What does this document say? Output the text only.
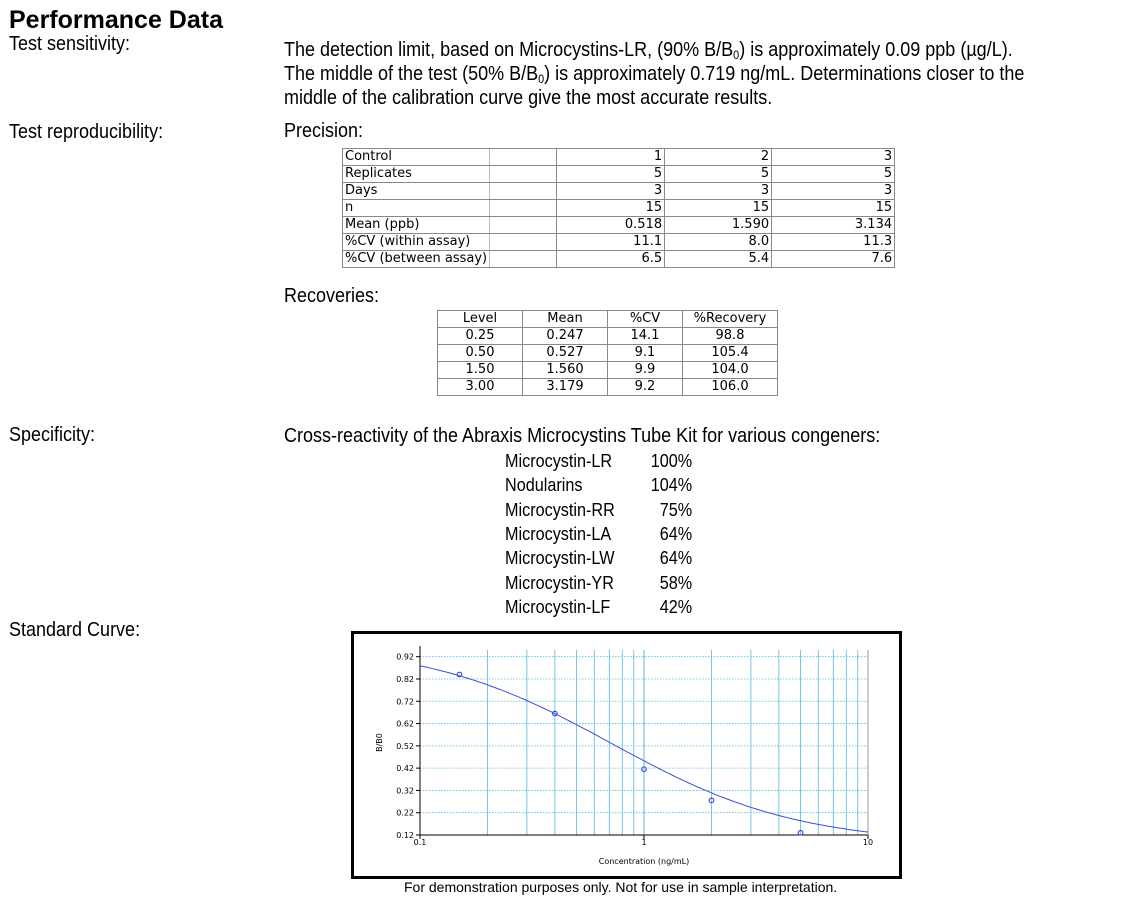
Performance Data
Test sensitivity:	The detection limit, based on Microcystins-LR, (90% $B/B_0$) is approximately 0.09 ppb (µg/L).
The middle of the test (50% $B/B_0$) is approximately 0.719 ng/mL. Determinations closer to the
middle of the calibration curve give the most accurate results.
Test reproducibility:	Precision:
Control		1	2	3
Replicates		5	5	5
Days		3	3	3
n		15	15	15
Mean (ppb)		0.518	1.590	3.134
%CV (within assay)		11.1	8.0	11.3
%CV (between assay)		6.5	5.4	7.6
Recoveries:
Level	Mean	%CV	%Recovery
0.25	0.247	14.1	98.8
0.50	0.527	9.1	105.4
1.50	1.560	9.9	104.0
3.00	3.179	9.2	106.0
Specificity:	Cross-reactivity of the Abraxis Microcystins Tube Kit for various congeners:
Microcystin-LR 100%
Nodularins	104%
Microcystin-RR 75%
Microcystin-LA	64%
Microcystin-LW	64%
Microcystin-YR	58%
Microcystin-LF	42%
Standard Curve:
0.92
0.82
0.72
0.62
0.52
0.42
0.32
0.22
0.12
0.1	1	10
Concentration (ng/mL)
B/B0
For demonstration purposes only. Not for use in sample interpretation.
